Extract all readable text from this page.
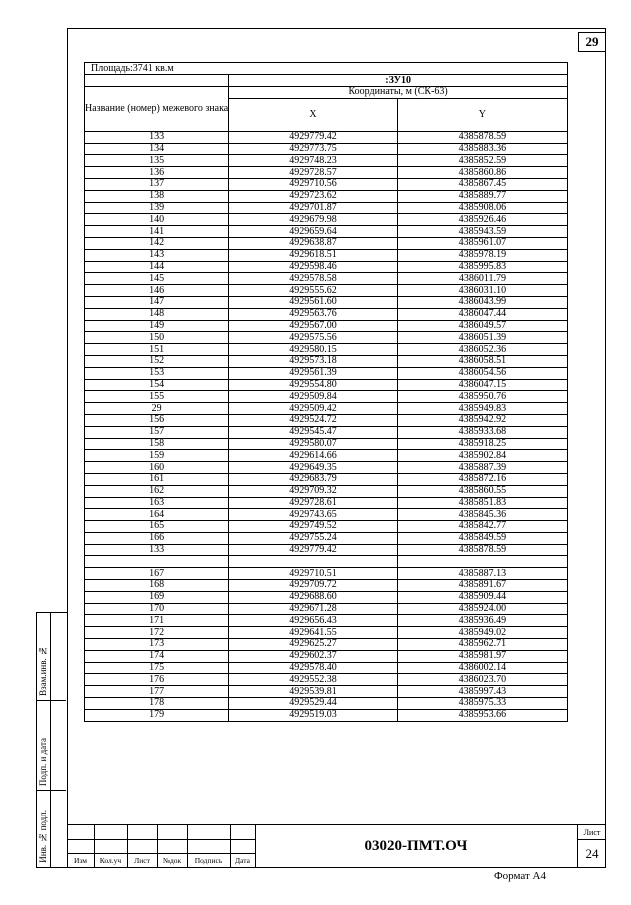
29
Площадь:3741 кв.м		
	:ЗУ10	
Название (номер) межевого знака	Координаты, м (СК-63)	
	X	Y
133	4929779.42	4385878.59
134	4929773.75	4385883.36
135	4929748.23	4385852.59
136	4929728.57	4385860.86
137	4929710.56	4385867.45
138	4929723.62	4385889.77
139	4929701.87	4385908.06
140	4929679.98	4385926.46
141	4929659.64	4385943.59
142	4929638.87	4385961.07
143	4929618.51	4385978.19
144	4929598.46	4385995.83
145	4929578.58	4386011.79
146	4929555.62	4386031.10
147	4929561.60	4386043.99
148	4929563.76	4386047.44
149	4929567.00	4386049.57
150	4929575.56	4386051.39
151	4929580.15	4386052.36
152	4929573.18	4386058.51
153	4929561.39	4386054.56
154	4929554.80	4386047.15
155	4929509.84	4385950.76
29	4929509.42	4385949.83
156	4929524.72	4385942.92
157	4929545.47	4385933.68
158	4929580.07	4385918.25
159	4929614.66	4385902.84
160	4929649.35	4385887.39
161	4929683.79	4385872.16
162	4929709.32	4385860.55
163	4929728.61	4385851.83
164	4929743.65	4385845.36
165	4929749.52	4385842.77
166	4929755.24	4385849.59
133	4929779.42	4385878.59

167	4929710.51	4385887.13
168	4929709.72	4385891.67
169	4929688.60	4385909.44
170	4929671.28	4385924.00
171	4929656.43	4385936.49
172	4929641.55	4385949.02
173	4929625.27	4385962.71
174	4929602.37	4385981.97
175	4929578.40	4386002.14
176	4929552.38	4386023.70
177	4929539.81	4385997.43
178	4929529.44	4385975.33
179	4929519.03	4385953.66
Взам.инв. №
Подп. и дата
Инв. № подл.	Изм	Кол.уч	Лист	№док	Подпись	Дата
03020-ПМТ.ОЧ
Лист
24
Формат А4
